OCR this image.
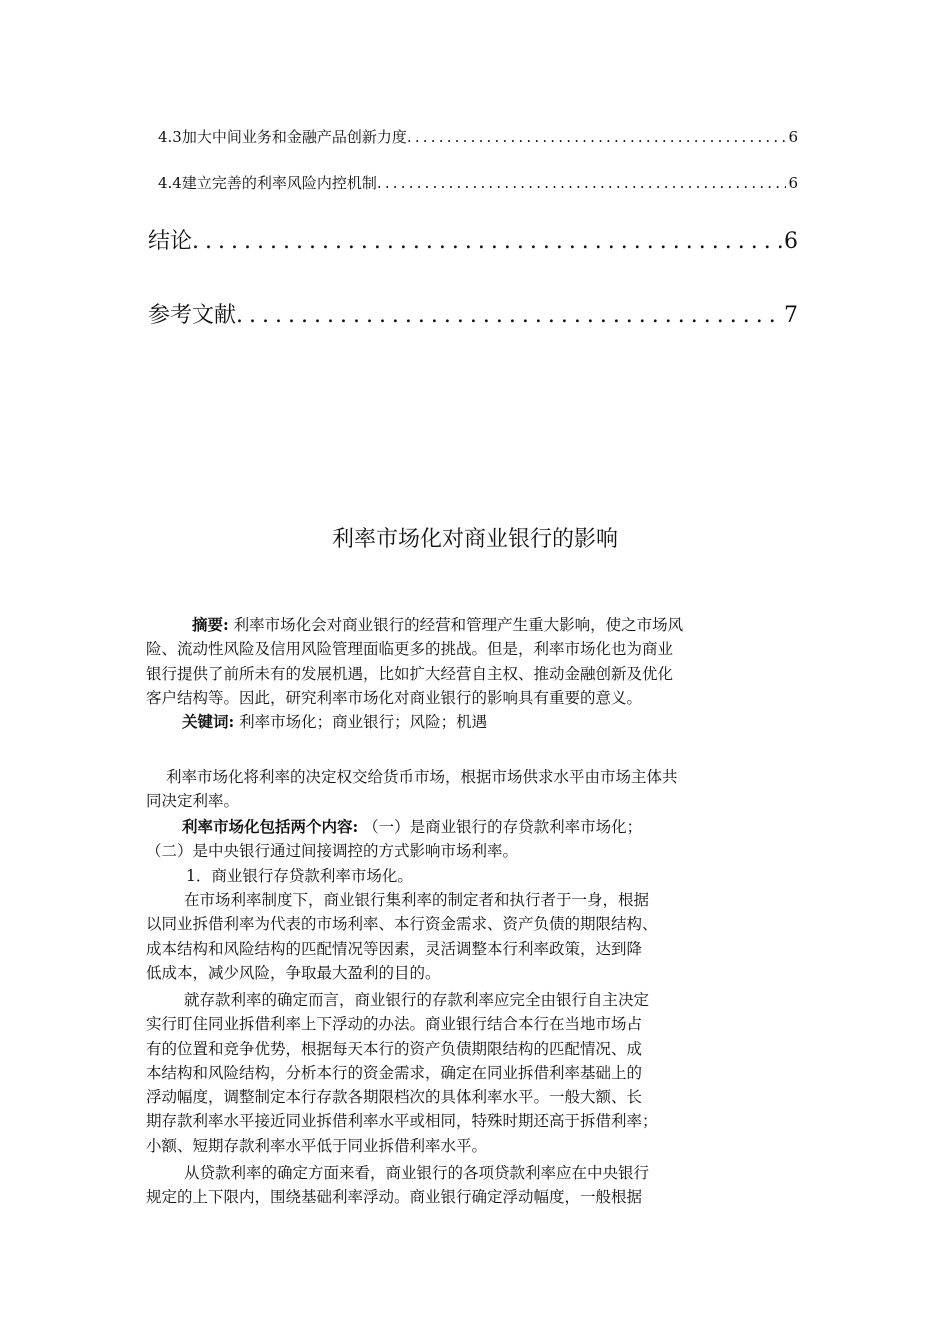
4.3加大中间业务和金融产品创新力度 .....	6
4.4建立完善的利率风险内控机制 .....	6
结论 .....	6
参考文献 .....	7
利率市场化对商业银行的影响
摘要: 利率市场化会对商业银行的经营和管理产生重大影响，使之市场风
险、流动性风险及信用风险管理面临更多的挑战。但是，利率市场化也为商业
银行提供了前所未有的发展机遇，比如扩大经营自主权、推动金融创新及优化
客户结构等。因此，研究利率市场化对商业银行的影响具有重要的意义。
关键词: 利率市场化；商业银行；风险；机遇
利率市场化将利率的决定权交给货币市场，根据市场供求水平由市场主体共
同决定利率。
利率市场化包括两个内容: （一）是商业银行的存贷款利率市场化；
（二）是中央银行通过间接调控的方式影响市场利率。
1．商业银行存贷款利率市场化。
在市场利率制度下，商业银行集利率的制定者和执行者于一身，根据
以同业拆借利率为代表的市场利率、本行资金需求、资产负债的期限结构、
成本结构和风险结构的匹配情况等因素，灵活调整本行利率政策，达到降
低成本，减少风险，争取最大盈利的目的。
就存款利率的确定而言，商业银行的存款利率应完全由银行自主决定
实行盯住同业拆借利率上下浮动的办法。商业银行结合本行在当地市场占
有的位置和竞争优势，根据每天本行的资产负债期限结构的匹配情况、成
本结构和风险结构，分析本行的资金需求，确定在同业拆借利率基础上的
浮动幅度，调整制定本行存款各期限档次的具体利率水平。一般大额、长
期存款利率水平接近同业拆借利率水平或相同，特殊时期还高于拆借利率；
小额、短期存款利率水平低于同业拆借利率水平。
从贷款利率的确定方面来看，商业银行的各项贷款利率应在中央银行
规定的上下限内，围绕基础利率浮动。商业银行确定浮动幅度，一般根据
